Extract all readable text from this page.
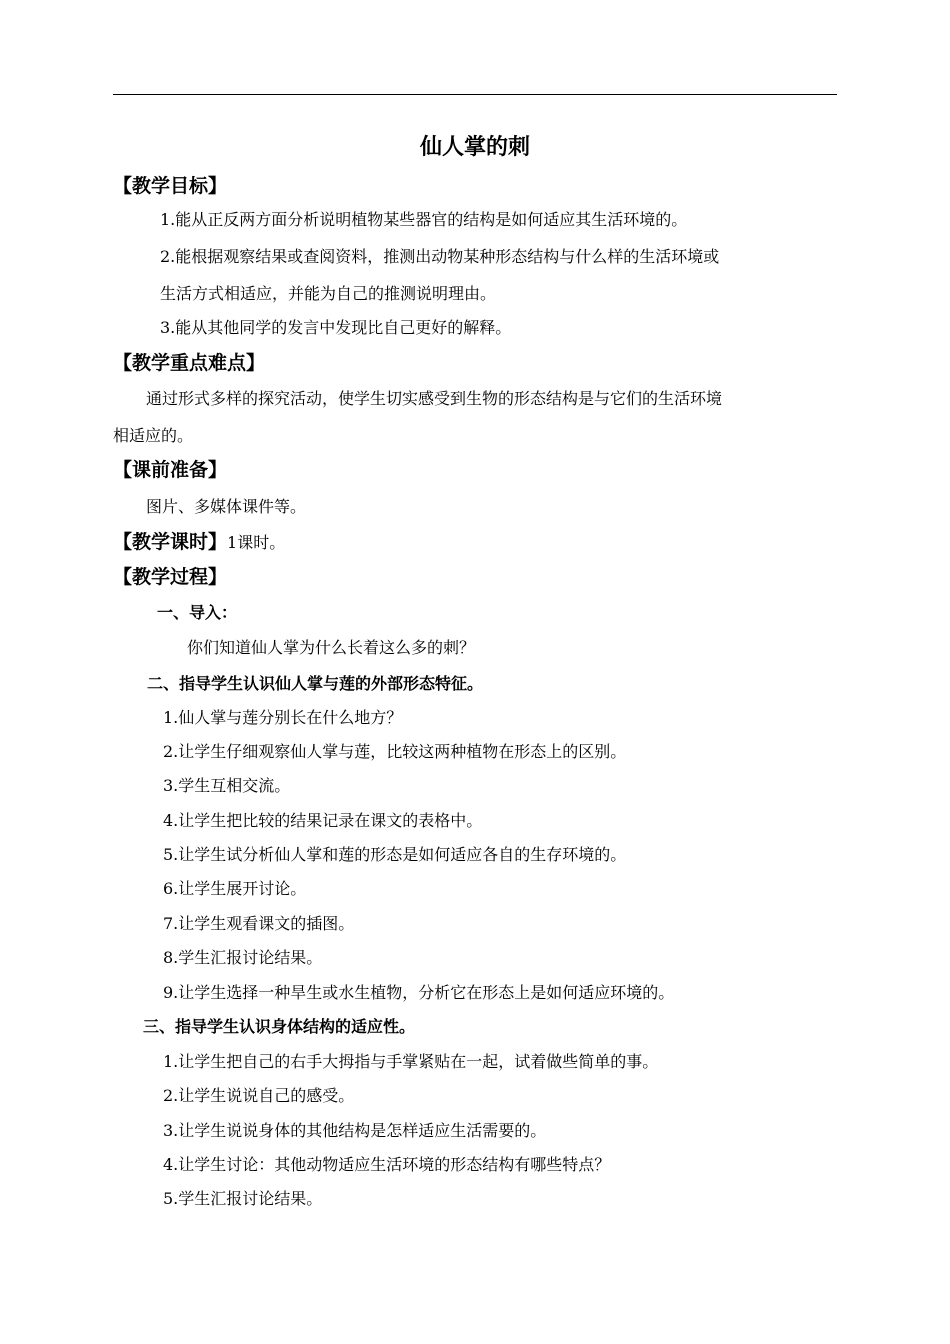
仙人掌的刺
【教学目标】
1.能从正反两方面分析说明植物某些器官的结构是如何适应其生活环境的。
2.能根据观察结果或查阅资料，推测出动物某种形态结构与什么样的生活环境或
生活方式相适应，并能为自己的推测说明理由。
3.能从其他同学的发言中发现比自己更好的解释。
【教学重点难点】
通过形式多样的探究活动，使学生切实感受到生物的形态结构是与它们的生活环境
相适应的。
【课前准备】
图片、多媒体课件等。
【教学课时】1课时。
【教学过程】
一、导入：
你们知道仙人掌为什么长着这么多的刺？
二、指导学生认识仙人掌与莲的外部形态特征。
1.仙人掌与莲分别长在什么地方？
2.让学生仔细观察仙人掌与莲，比较这两种植物在形态上的区别。
3.学生互相交流。
4.让学生把比较的结果记录在课文的表格中。
5.让学生试分析仙人掌和莲的形态是如何适应各自的生存环境的。
6.让学生展开讨论。
7.让学生观看课文的插图。
8.学生汇报讨论结果。
9.让学生选择一种旱生或水生植物，分析它在形态上是如何适应环境的。
三、指导学生认识身体结构的适应性。
1.让学生把自己的右手大拇指与手掌紧贴在一起，试着做些简单的事。
2.让学生说说自己的感受。
3.让学生说说身体的其他结构是怎样适应生活需要的。
4.让学生讨论：其他动物适应生活环境的形态结构有哪些特点？
5.学生汇报讨论结果。
